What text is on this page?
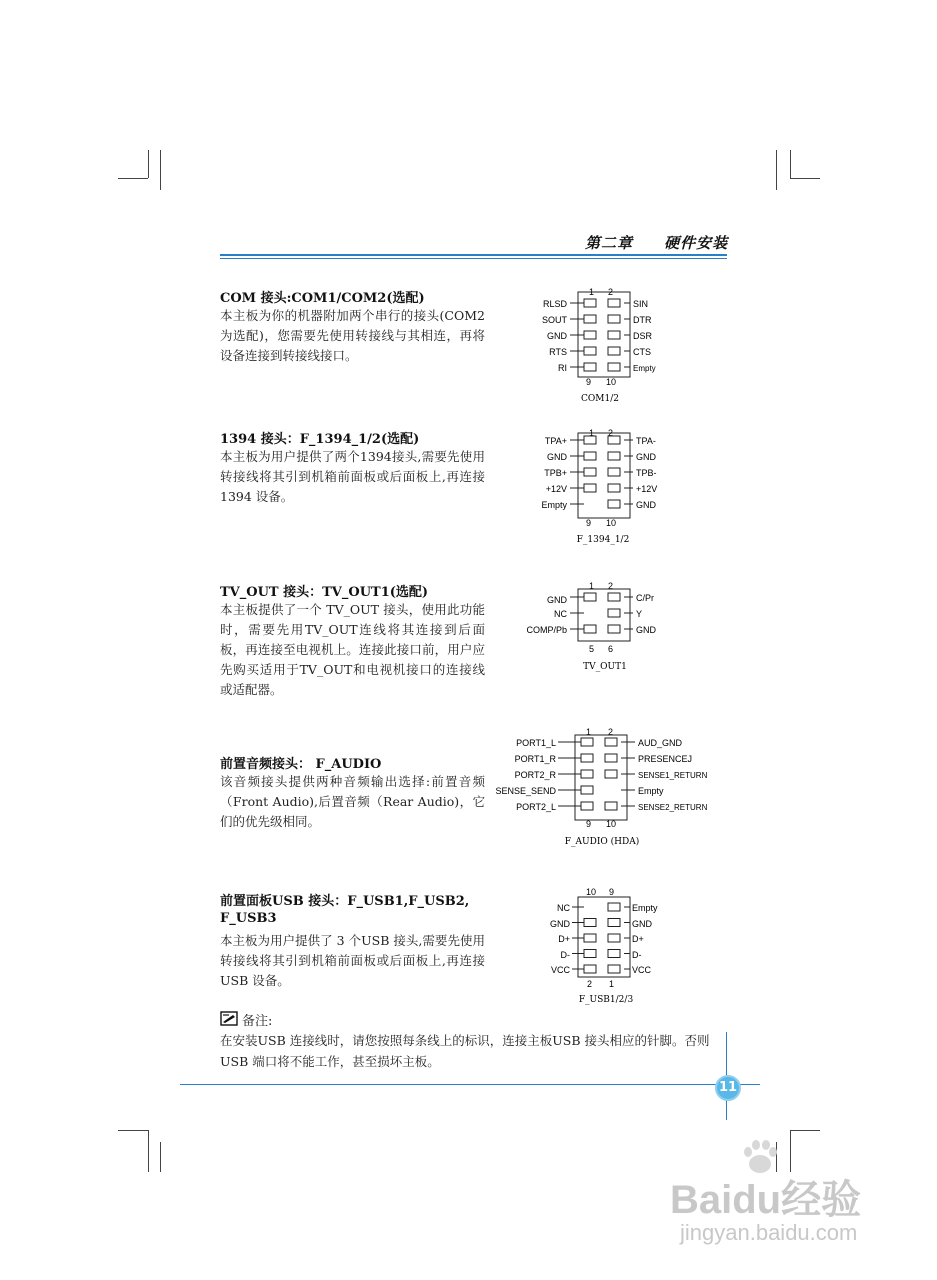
第二章 硬件安装
COM 接头:COM1/COM2(选配)
本主板为你的机器附加两个串行的接头(COM2 为选配)，您需要先使用转接线与其相连，再将设备连接到转接线接口。
1 2
9 10
RLSD
SOUT
GND
RTS
RI
SIN
DTR
DSR
CTS
Empty
COM1/2
1394 接头：F_1394_1/2(选配)
本主板为用户提供了两个1394接头,需要先使用转接线将其引到机箱前面板或后面板上,再连接 1394 设备。
1 2
9 10
TPA+
GND
TPB+
+12V
Empty
TPA-
GND
TPB-
+12V
GND
F_1394_1/2
TV_OUT 接头：TV_OUT1(选配)
本主板提供了一个 TV_OUT 接头，使用此功能时，需要先用TV_OUT连线将其连接到后面板，再连接至电视机上。连接此接口前，用户应先购买适用于TV_OUT和电视机接口的连接线或适配器。
1 2
5 6
GND
NC
COMP/Pb
C/Pr
Y
GND
TV_OUT1
前置音频接头： F_AUDIO
该音频接头提供两种音频输出选择:前置音频（Front Audio),后置音频（Rear Audio)，它们的优先级相同。
1 2
9 10
PORT1_L
PORT1_R
PORT2_R
SENSE_SEND
PORT2_L
AUD_GND
PRESENCEJ
SENSE1_RETURN
Empty
SENSE2_RETURN
F_AUDIO (HDA)
前置面板USB 接头：F_USB1,F_USB2,
F_USB3
本主板为用户提供了 3 个USB 接头,需要先使用转接线将其引到机箱前面板或后面板上,再连接USB 设备。
10 9
2 1
NC
GND
D+
D-
VCC
Empty
GND
D+
D-
VCC
F_USB1/2/3
备注:
在安装USB 连接线时，请您按照每条线上的标识，连接主板USB 接头相应的针脚。否则USB 端口将不能工作，甚至损坏主板。
11
Baidu经验
jingyan.baidu.com
